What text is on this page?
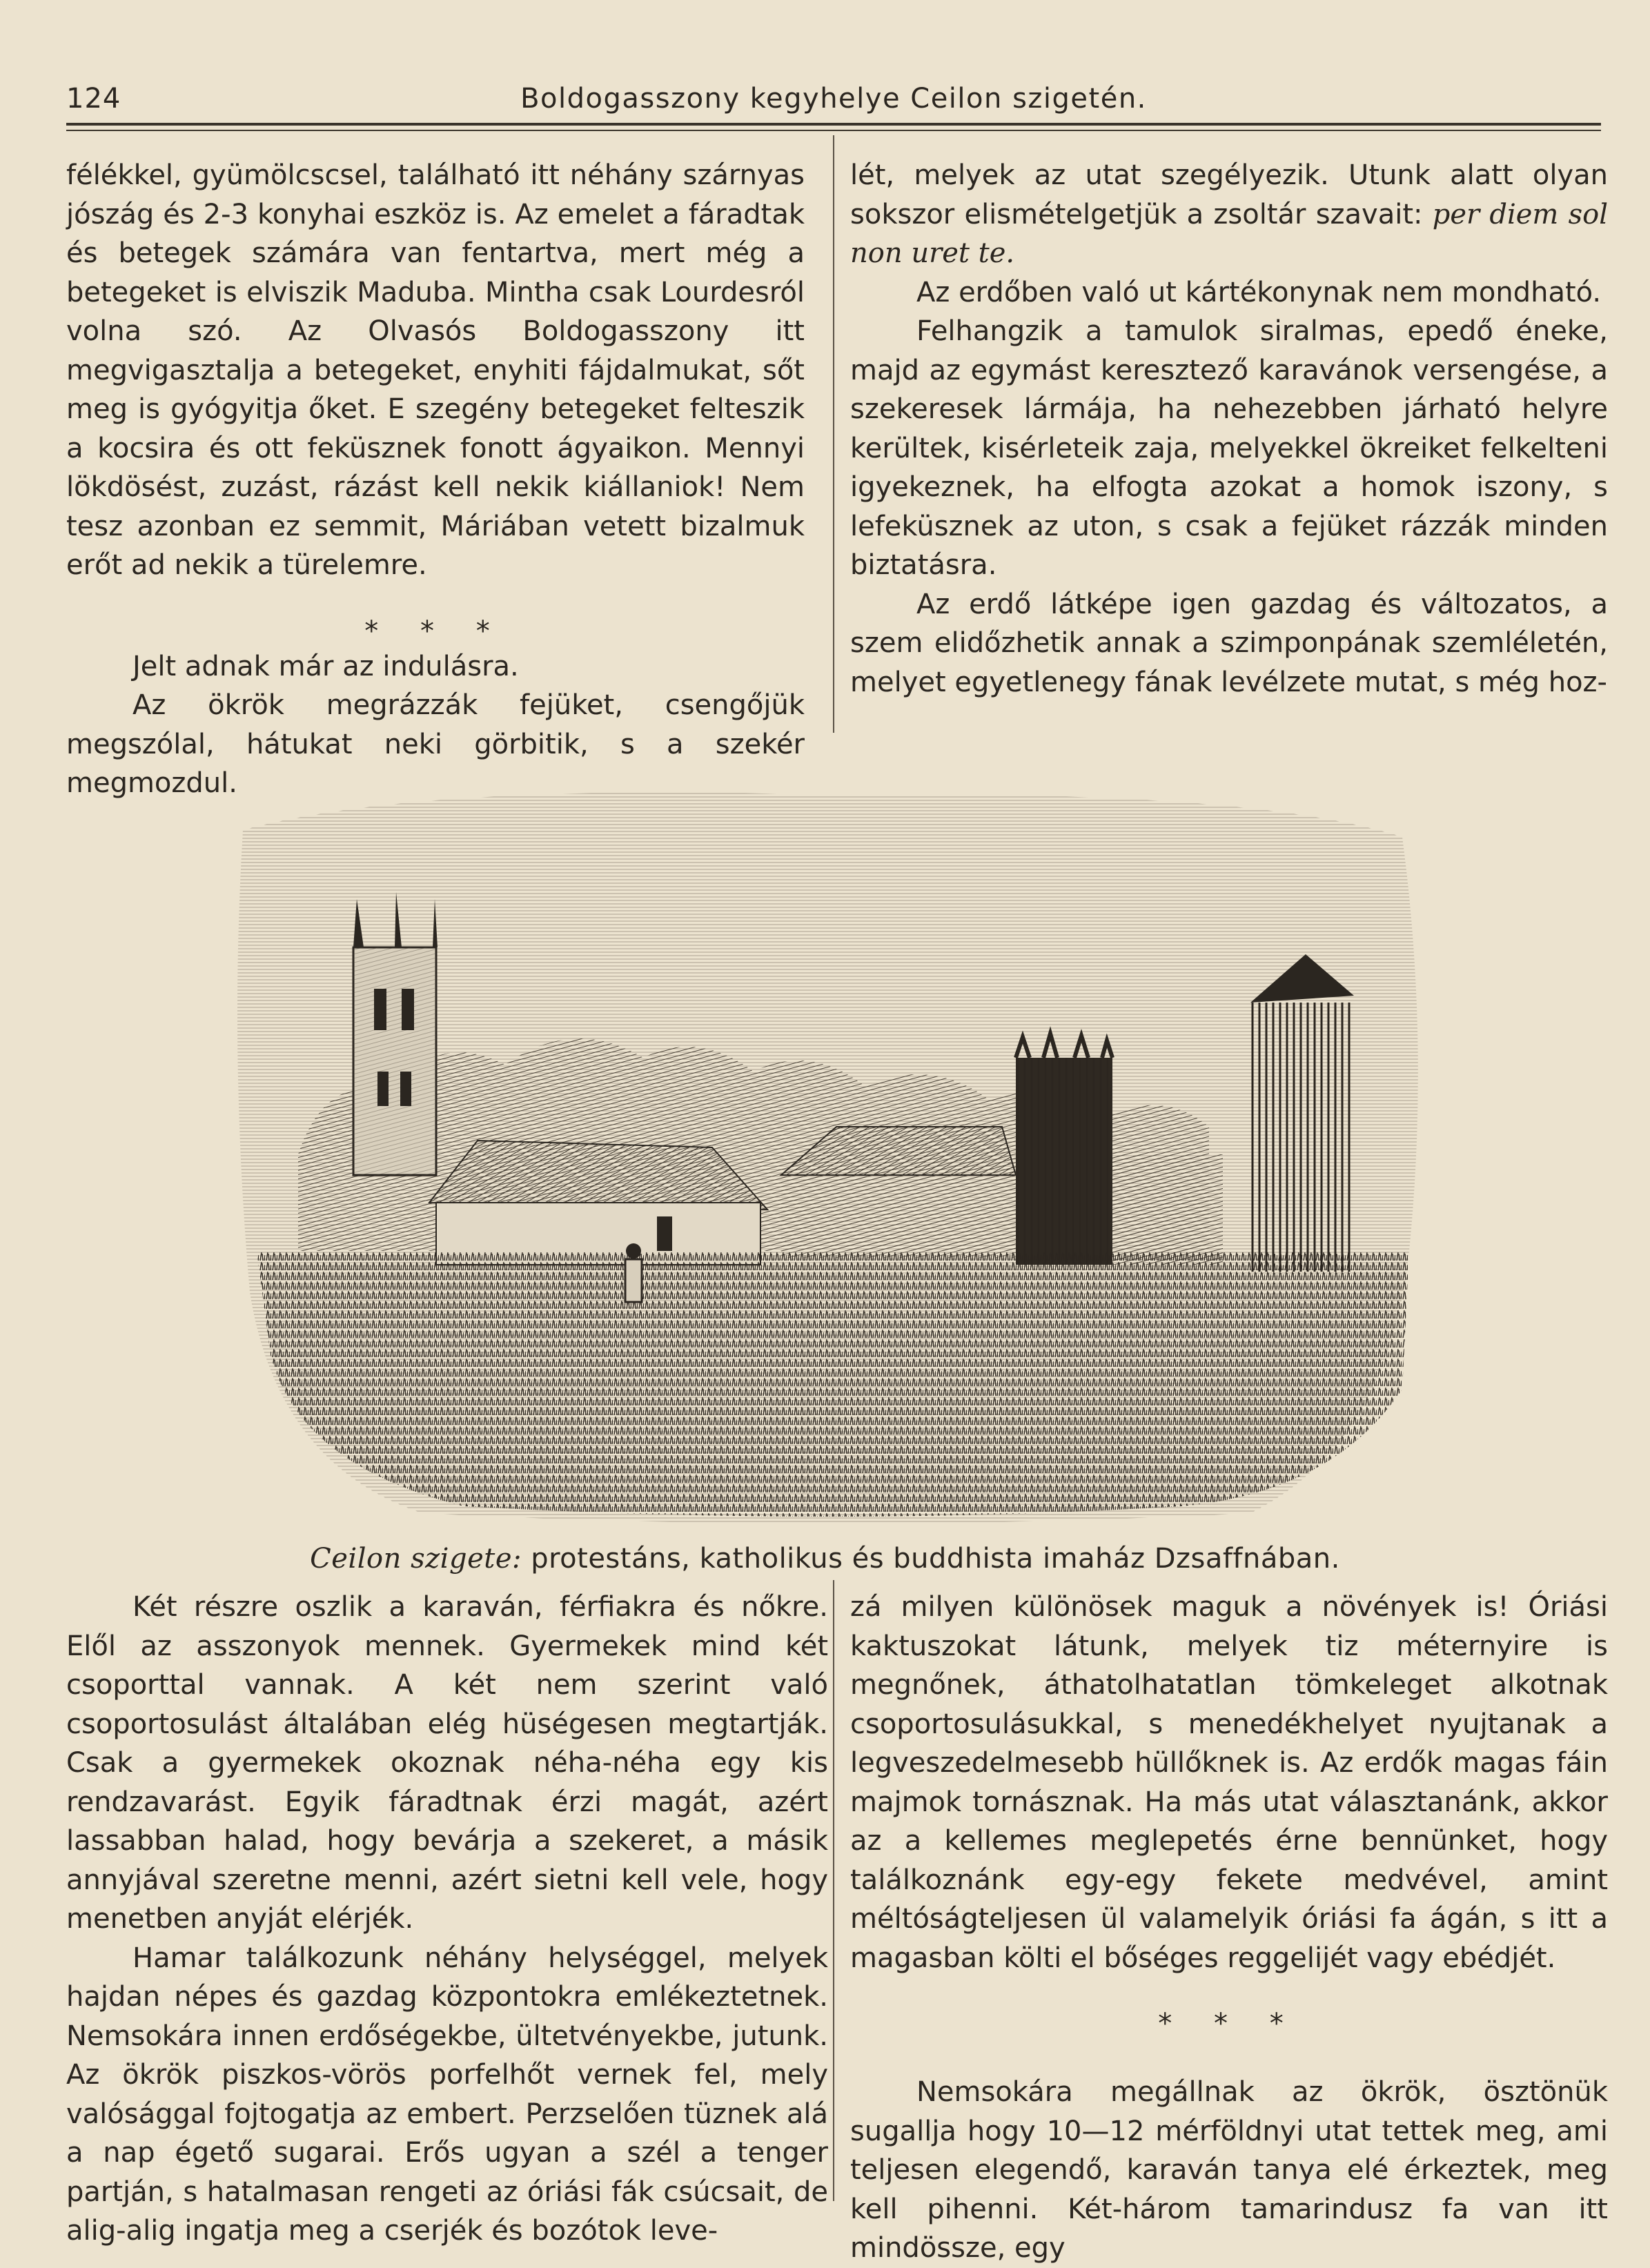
124	Boldogasszony kegyhelye Ceilon szigetén.

félékkel, gyümölcscsel, található itt néhány szárnyas jószág és 2-3 konyhai eszköz is. Az emelet a fáradtak és betegek számára van fentartva, mert még a betegeket is elviszik Maduba. Mintha csak Lourdesról volna szó. Az Olvasós Boldogasszony itt megvigasztalja a betegeket, enyhiti fájdalmukat, sőt meg is gyógyitja őket. E szegény betegeket felteszik a kocsira és ott feküsznek fonott ágyaikon. Mennyi lökdösést, zuzást, rázást kell nekik kiállaniok! Nem tesz azonban ez semmit, Máriában vetett bizalmuk erőt ad nekik a türelemre.

* * *

Jelt adnak már az indulásra.

Az ökrök megrázzák fejüket, csengőjük megszólal, hátukat neki görbitik, s a szekér megmozdul.

lét, melyek az utat szegélyezik. Utunk alatt olyan sokszor elismételgetjük a zsoltár szavait: per diem sol non uret te.

Az erdőben való ut kártékonynak nem mondható.

Felhangzik a tamulok siralmas, epedő éneke, majd az egymást keresztező karavánok versengése, a szekeresek lármája, ha nehezebben járható helyre kerültek, kisérleteik zaja, melyekkel ökreiket felkelteni igyekeznek, ha elfogta azokat a homok iszony, s lefeküsznek az uton, s csak a fejüket rázzák minden biztatásra.

Az erdő látképe igen gazdag és változatos, a szem elidőzhetik annak a szimponpának szemléletén, melyet egyetlenegy fának levélzete mutat, s még hoz-

Ceilon szigete: protestáns, katholikus és buddhista imaház Dzsaffnában.

Két részre oszlik a karaván, férfiakra és nőkre. Elől az asszonyok mennek. Gyermekek mind két csoporttal vannak. A két nem szerint való csoportosulást általában elég hüségesen megtartják. Csak a gyermekek okoznak néha-néha egy kis rendzavarást. Egyik fáradtnak érzi magát, azért lassabban halad, hogy bevárja a szekeret, a másik annyjával szeretne menni, azért sietni kell vele, hogy menetben anyját elérjék.

Hamar találkozunk néhány helységgel, melyek hajdan népes és gazdag központokra emlékeztetnek. Nemsokára innen erdőségekbe, ültetvényekbe, jutunk. Az ökrök piszkos-vörös porfelhőt vernek fel, mely valósággal fojtogatja az embert. Perzselően tüznek alá a nap égető sugarai. Erős ugyan a szél a tenger partján, s hatalmasan rengeti az óriási fák csúcsait, de alig-alig ingatja meg a cserjék és bozótok leve-

zá milyen különösek maguk a növények is! Óriási kaktuszokat látunk, melyek tiz méternyire is megnőnek, áthatolhatatlan tömkeleget alkotnak csoportosulásukkal, s menedékhelyet nyujtanak a legveszedelmesebb hüllőknek is. Az erdők magas fáin majmok tornásznak. Ha más utat választanánk, akkor az a kellemes meglepetés érne bennünket, hogy találkoznánk egy-egy fekete medvével, amint méltóságteljesen ül valamelyik óriási fa ágán, s itt a magasban költi el bőséges reggelijét vagy ebédjét.

* * *

Nemsokára megállnak az ökrök, ösztönük sugallja hogy 10—12 mérföldnyi utat tettek meg, ami teljesen elegendő, karaván tanya elé érkeztek, meg kell pihenni. Két-három tamarindusz fa van itt mindössze, egy
